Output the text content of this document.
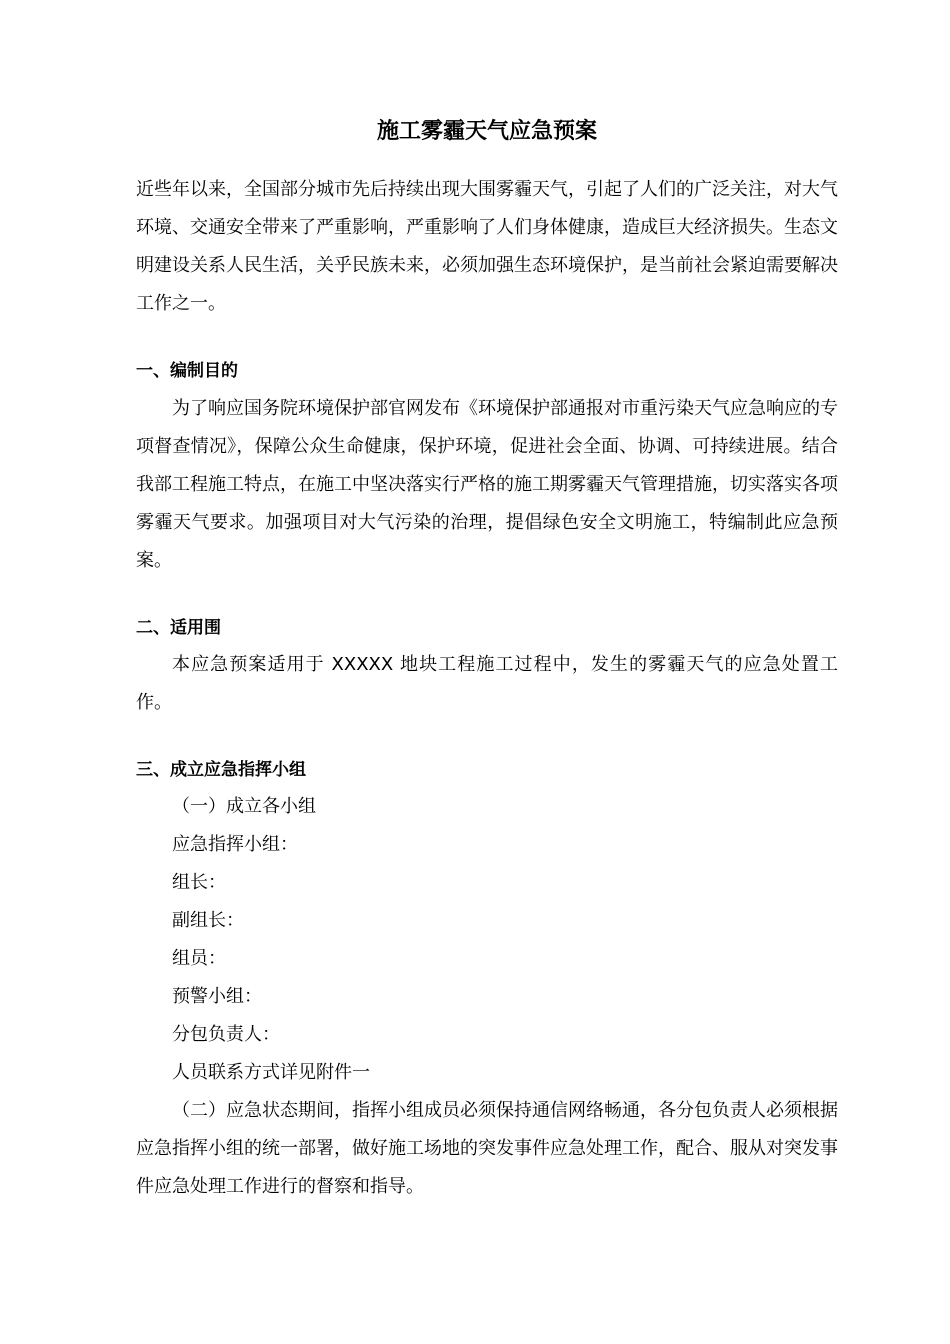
施工雾霾天气应急预案

近些年以来，全国部分城市先后持续出现大围雾霾天气，引起了人们的广泛关注，对大气环境、交通安全带来了严重影响，严重影响了人们身体健康，造成巨大经济损失。生态文明建设关系人民生活，关乎民族未来，必须加强生态环境保护，是当前社会紧迫需要解决工作之一。

一、编制目的

为了响应国务院环境保护部官网发布《环境保护部通报对市重污染天气应急响应的专项督查情况》，保障公众生命健康，保护环境，促进社会全面、协调、可持续进展。结合我部工程施工特点，在施工中坚决落实行严格的施工期雾霾天气管理措施，切实落实各项雾霾天气要求。加强项目对大气污染的治理，提倡绿色安全文明施工，特编制此应急预案。

二、适用围

本应急预案适用于 XXXXX 地块工程施工过程中，发生的雾霾天气的应急处置工作。

三、成立应急指挥小组

（一）成立各小组

应急指挥小组：

组长：

副组长：

组员：

预警小组：

分包负责人：

人员联系方式详见附件一

（二）应急状态期间，指挥小组成员必须保持通信网络畅通，各分包负责人必须根据应急指挥小组的统一部署，做好施工场地的突发事件应急处理工作，配合、服从对突发事件应急处理工作进行的督察和指导。
